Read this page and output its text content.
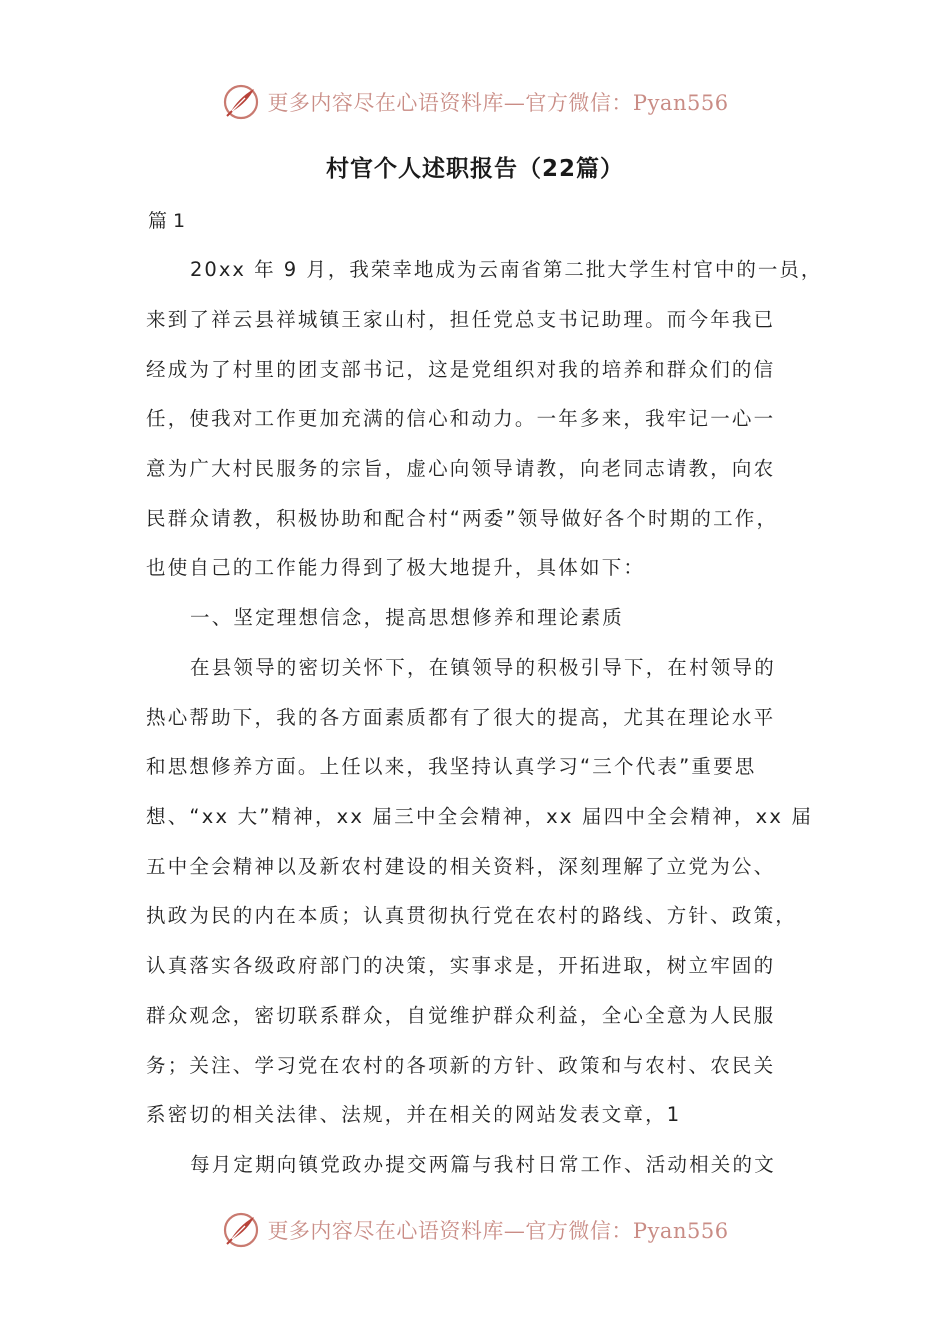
更多内容尽在心语资料库—官方微信：Pyan556
村官个人述职报告（22篇）
篇 1
20xx 年 9 月，我荣幸地成为云南省第二批大学生村官中的一员，
来到了祥云县祥城镇王家山村，担任党总支书记助理。而今年我已
经成为了村里的团支部书记，这是党组织对我的培养和群众们的信
任，使我对工作更加充满的信心和动力。一年多来，我牢记一心一
意为广大村民服务的宗旨，虚心向领导请教，向老同志请教，向农
民群众请教，积极协助和配合村“两委”领导做好各个时期的工作，
也使自己的工作能力得到了极大地提升，具体如下：
一、坚定理想信念，提高思想修养和理论素质
在县领导的密切关怀下，在镇领导的积极引导下，在村领导的
热心帮助下，我的各方面素质都有了很大的提高，尤其在理论水平
和思想修养方面。上任以来，我坚持认真学习“三个代表”重要思
想、“xx 大”精神，xx 届三中全会精神，xx 届四中全会精神，xx 届
五中全会精神以及新农村建设的相关资料，深刻理解了立党为公、
执政为民的内在本质；认真贯彻执行党在农村的路线、方针、政策，
认真落实各级政府部门的决策，实事求是，开拓进取，树立牢固的
群众观念，密切联系群众，自觉维护群众利益，全心全意为人民服
务；关注、学习党在农村的各项新的方针、政策和与农村、农民关
系密切的相关法律、法规，并在相关的网站发表文章，1
每月定期向镇党政办提交两篇与我村日常工作、活动相关的文
更多内容尽在心语资料库—官方微信：Pyan556
